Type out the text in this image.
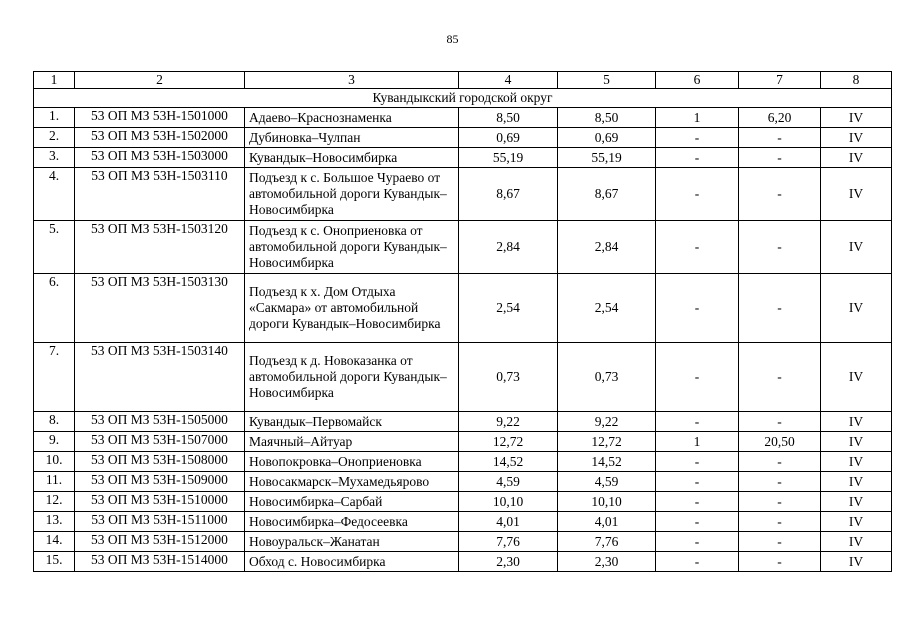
85
1	2	3	4	5	6	7	8
Кувандыкский городской округ							
1.	53 ОП МЗ 53Н-1501000	Адаево–Краснознаменка	8,50	8,50	1	6,20	IV
2.	53 ОП МЗ 53Н-1502000	Дубиновка–Чулпан	0,69	0,69	-	-	IV
3.	53 ОП МЗ 53Н-1503000	Кувандык–Новосимбирка	55,19	55,19	-	-	IV
4.	53 ОП МЗ 53Н-1503110	Подъезд к с. Большое Чураево от автомобильной дороги Кувандык–Новосимбирка	8,67	8,67	-	-	IV
5.	53 ОП МЗ 53Н-1503120	Подъезд к с. Оноприеновка от автомобильной дороги Кувандык–Новосимбирка	2,84	2,84	-	-	IV
6.	53 ОП МЗ 53Н-1503130	Подъезд к х. Дом Отдыха «Сакмара» от автомобильной дороги Кувандык–Новосимбирка	2,54	2,54	-	-	IV
7.	53 ОП МЗ 53Н-1503140	Подъезд к д. Новоказанка от автомобильной дороги Кувандык–Новосимбирка	0,73	0,73	-	-	IV
8.	53 ОП МЗ 53Н-1505000	Кувандык–Первомайск	9,22	9,22	-	-	IV
9.	53 ОП МЗ 53Н-1507000	Маячный–Айтуар	12,72	12,72	1	20,50	IV
10.	53 ОП МЗ 53Н-1508000	Новопокровка–Оноприеновка	14,52	14,52	-	-	IV
11.	53 ОП МЗ 53Н-1509000	Новосакмарск–Мухамедьярово	4,59	4,59	-	-	IV
12.	53 ОП МЗ 53Н-1510000	Новосимбирка–Сарбай	10,10	10,10	-	-	IV
13.	53 ОП МЗ 53Н-1511000	Новосимбирка–Федосеевка	4,01	4,01	-	-	IV
14.	53 ОП МЗ 53Н-1512000	Новоуральск–Жанатан	7,76	7,76	-	-	IV
15.	53 ОП МЗ 53Н-1514000	Обход с. Новосимбирка	2,30	2,30	-	-	IV
